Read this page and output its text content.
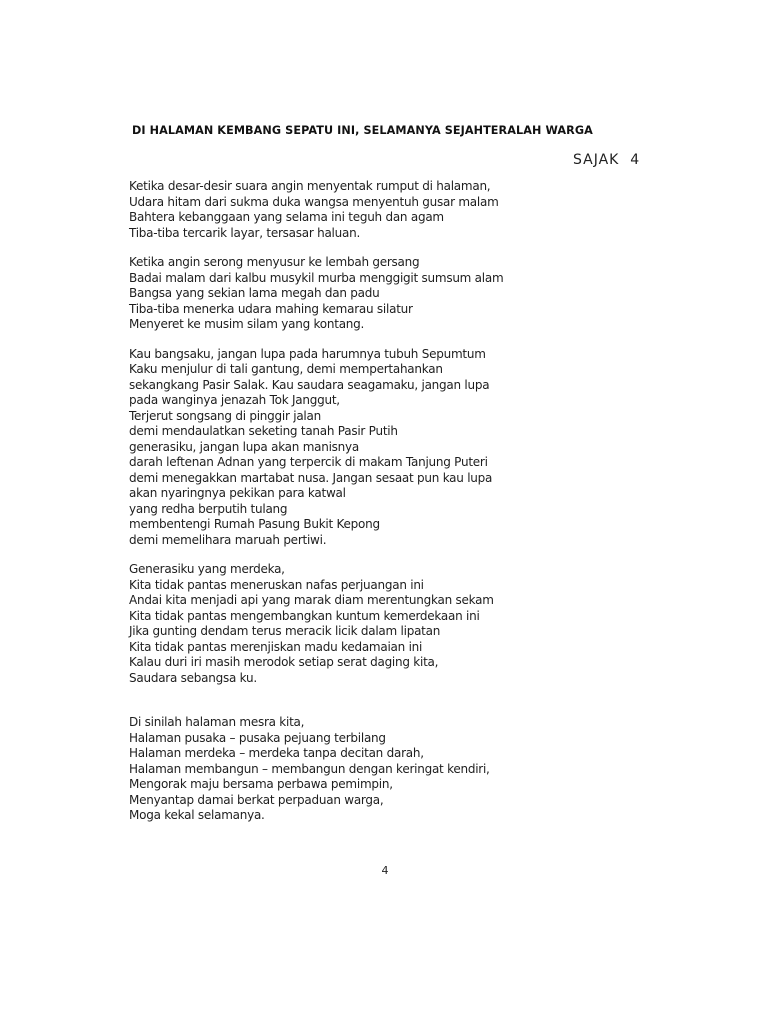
DI HALAMAN KEMBANG SEPATU INI, SELAMANYA SEJAHTERALAH WARGA
SAJAK  4
Ketika desar-desir suara angin menyentak rumput di halaman,
Udara hitam dari sukma duka wangsa menyentuh gusar malam
Bahtera kebanggaan yang selama ini teguh dan agam
Tiba-tiba tercarik layar, tersasar haluan.
Ketika angin serong menyusur ke lembah gersang
Badai malam dari kalbu musykil murba menggigit sumsum alam
Bangsa yang sekian lama megah dan padu
Tiba-tiba menerka udara mahing kemarau silatur
Menyeret ke musim silam yang kontang.
Kau bangsaku, jangan lupa pada harumnya tubuh Sepumtum
Kaku menjulur di tali gantung, demi mempertahankan
sekangkang Pasir Salak. Kau saudara seagamaku, jangan lupa
pada wanginya jenazah Tok Janggut,
Terjerut songsang di pinggir jalan
demi mendaulatkan seketing tanah Pasir Putih
generasiku, jangan lupa akan manisnya
darah leftenan Adnan yang terpercik di makam Tanjung Puteri
demi menegakkan martabat nusa. Jangan sesaat pun kau lupa
akan nyaringnya pekikan para katwal
yang redha berputih tulang
membentengi Rumah Pasung Bukit Kepong
demi memelihara maruah pertiwi.
Generasiku yang merdeka,
Kita tidak pantas meneruskan nafas perjuangan ini
Andai kita menjadi api yang marak diam merentungkan sekam
Kita tidak pantas mengembangkan kuntum kemerdekaan ini
Jika gunting dendam terus meracik licik dalam lipatan
Kita tidak pantas merenjiskan madu kedamaian ini
Kalau duri iri masih merodok setiap serat daging kita,
Saudara sebangsa ku.
Di sinilah halaman mesra kita,
Halaman pusaka – pusaka pejuang terbilang
Halaman merdeka – merdeka tanpa decitan darah,
Halaman membangun – membangun dengan keringat kendiri,
Mengorak maju bersama perbawa pemimpin,
Menyantap damai berkat perpaduan warga,
Moga kekal selamanya.
4
